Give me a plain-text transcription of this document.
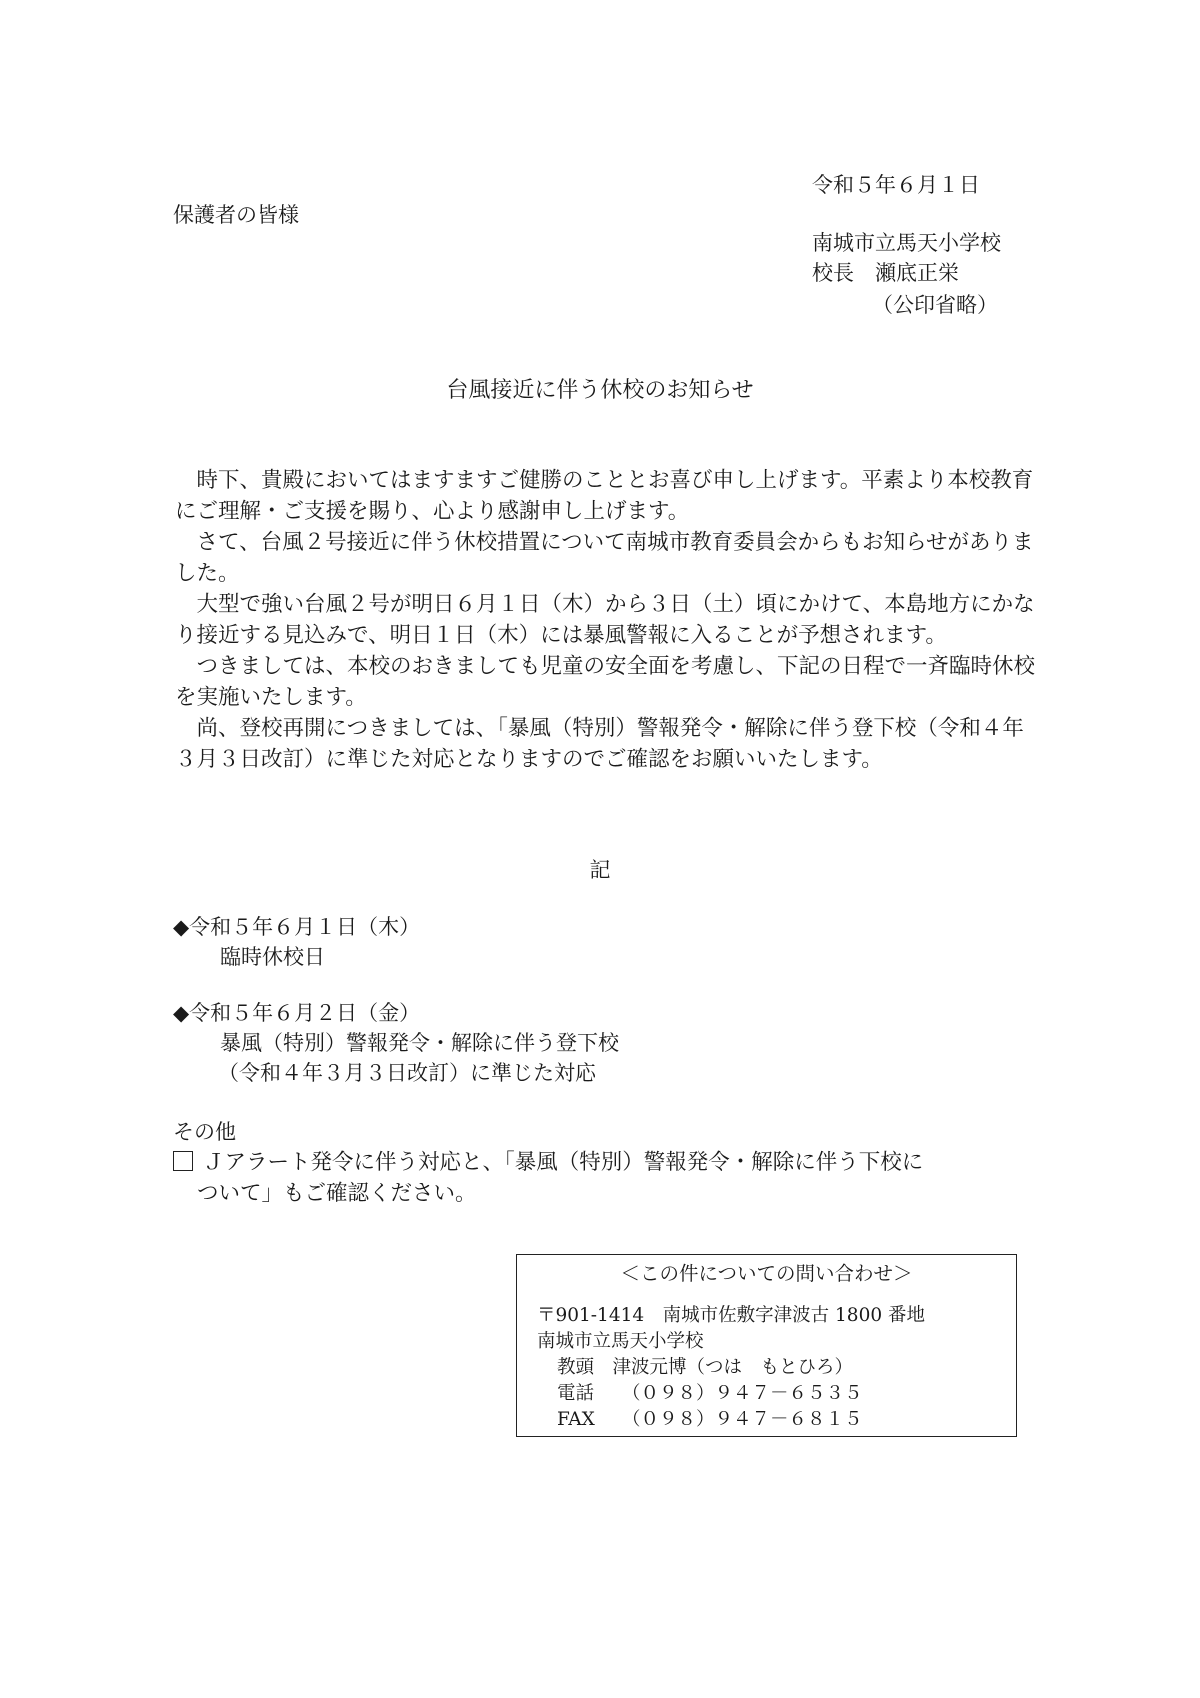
令和５年６月１日
保護者の皆様
南城市立馬天小学校
校長　瀬底正栄
（公印省略）
台風接近に伴う休校のお知らせ

時下、貴殿においてはますますご健勝のこととお喜び申し上げます。平素より本校教育にご理解・ご支援を賜り、心より感謝申し上げます。

さて、台風２号接近に伴う休校措置について南城市教育委員会からもお知らせがありました。

大型で強い台風２号が明日６月１日（木）から３日（土）頃にかけて、本島地方にかなり接近する見込みで、明日１日（木）には暴風警報に入ることが予想されます。

つきましては、本校のおきましても児童の安全面を考慮し、下記の日程で一斉臨時休校を実施いたします。

尚、登校再開につきましては、「暴風（特別）警報発令・解除に伴う登下校（令和４年３月３日改訂）に準じた対応となりますのでご確認をお願いいたします。

記
◆令和５年６月１日（木）
臨時休校日
◆令和５年６月２日（金）
暴風（特別）警報発令・解除に伴う登下校
（令和４年３月３日改訂）に準じた対応
その他
Ｊアラート発令に伴う対応と、「暴風（特別）警報発令・解除に伴う下校に
ついて」もご確認ください。
＜この件についての問い合わせ＞
〒901-1414　南城市佐敷字津波古 1800 番地
南城市立馬天小学校
教頭　津波元博（つは　もとひろ）
電話 （０９８）９４７－６５３５
FAX （０９８）９４７－６８１５
